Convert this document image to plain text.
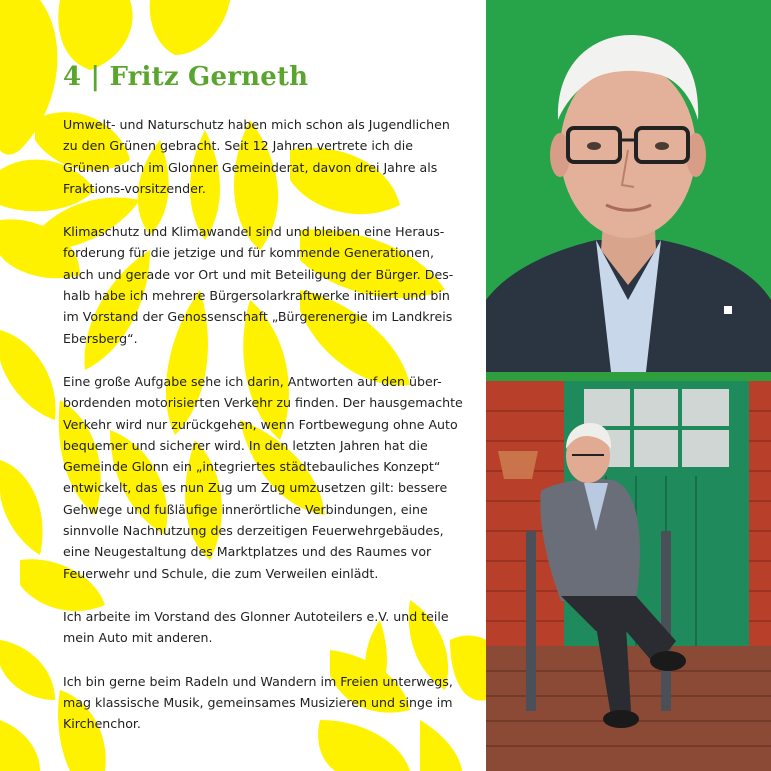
4 | Fritz Gerneth

Umwelt- und Naturschutz haben mich schon als Jugendlichen zu den Grünen gebracht. Seit 12 Jahren vertrete ich die Grünen auch im Glonner Gemeinderat, davon drei Jahre als Fraktions-vorsitzender.

Klimaschutz und Klimawandel sind und bleiben eine Heraus-forderung für die jetzige und für kommende Generationen, auch und gerade vor Ort und mit Beteiligung der Bürger. Des-halb habe ich mehrere Bürgersolarkraftwerke initiiert und bin im Vorstand der Genossenschaft „Bürgerenergie im Landkreis Ebersberg“.

Eine große Aufgabe sehe ich darin, Antworten auf den über-bordenden motorisierten Verkehr zu finden. Der hausgemachte Verkehr wird nur zurückgehen, wenn Fortbewegung ohne Auto bequemer und sicherer wird. In den letzten Jahren hat die Gemeinde Glonn ein „integriertes städtebauliches Konzept“ entwickelt, das es nun Zug um Zug umzusetzen gilt: bessere Gehwege und fußläufige innerörtliche Verbindungen, eine sinnvolle Nachnutzung des derzeitigen Feuerwehrgebäudes, eine Neugestaltung des Marktplatzes und des Raumes vor Feuerwehr und Schule, die zum Verweilen einlädt.

Ich arbeite im Vorstand des Glonner Autoteilers e.V. und teile mein Auto mit anderen.

Ich bin gerne beim Radeln und Wandern im Freien unterwegs, mag klassische Musik, gemeinsames Musizieren und singe im Kirchenchor.
